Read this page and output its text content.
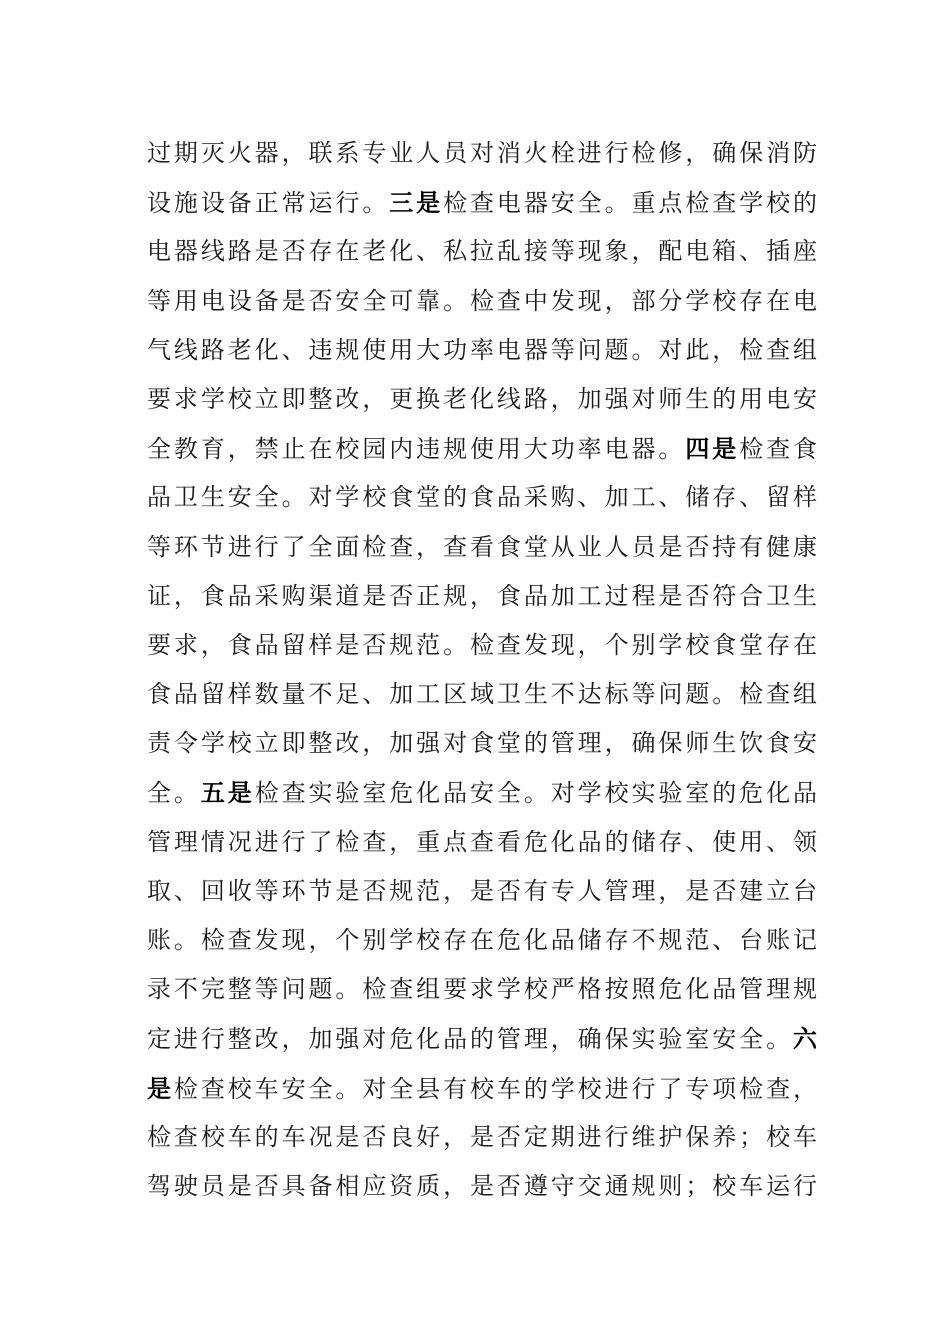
过期灭火器，联系专业人员对消火栓进行检修，确保消防
设施设备正常运行。三是检查电器安全。重点检查学校的
电器线路是否存在老化、私拉乱接等现象，配电箱、插座
等用电设备是否安全可靠。检查中发现，部分学校存在电
气线路老化、违规使用大功率电器等问题。对此，检查组
要求学校立即整改，更换老化线路，加强对师生的用电安
全教育，禁止在校园内违规使用大功率电器。四是检查食
品卫生安全。对学校食堂的食品采购、加工、储存、留样
等环节进行了全面检查，查看食堂从业人员是否持有健康
证，食品采购渠道是否正规，食品加工过程是否符合卫生
要求，食品留样是否规范。检查发现，个别学校食堂存在
食品留样数量不足、加工区域卫生不达标等问题。检查组
责令学校立即整改，加强对食堂的管理，确保师生饮食安
全。五是检查实验室危化品安全。对学校实验室的危化品
管理情况进行了检查，重点查看危化品的储存、使用、领
取、回收等环节是否规范，是否有专人管理，是否建立台
账。检查发现，个别学校存在危化品储存不规范、台账记
录不完整等问题。检查组要求学校严格按照危化品管理规
定进行整改，加强对危化品的管理，确保实验室安全。六
是检查校车安全。对全县有校车的学校进行了专项检查，
检查校车的车况是否良好，是否定期进行维护保养；校车
驾驶员是否具备相应资质，是否遵守交通规则；校车运行
